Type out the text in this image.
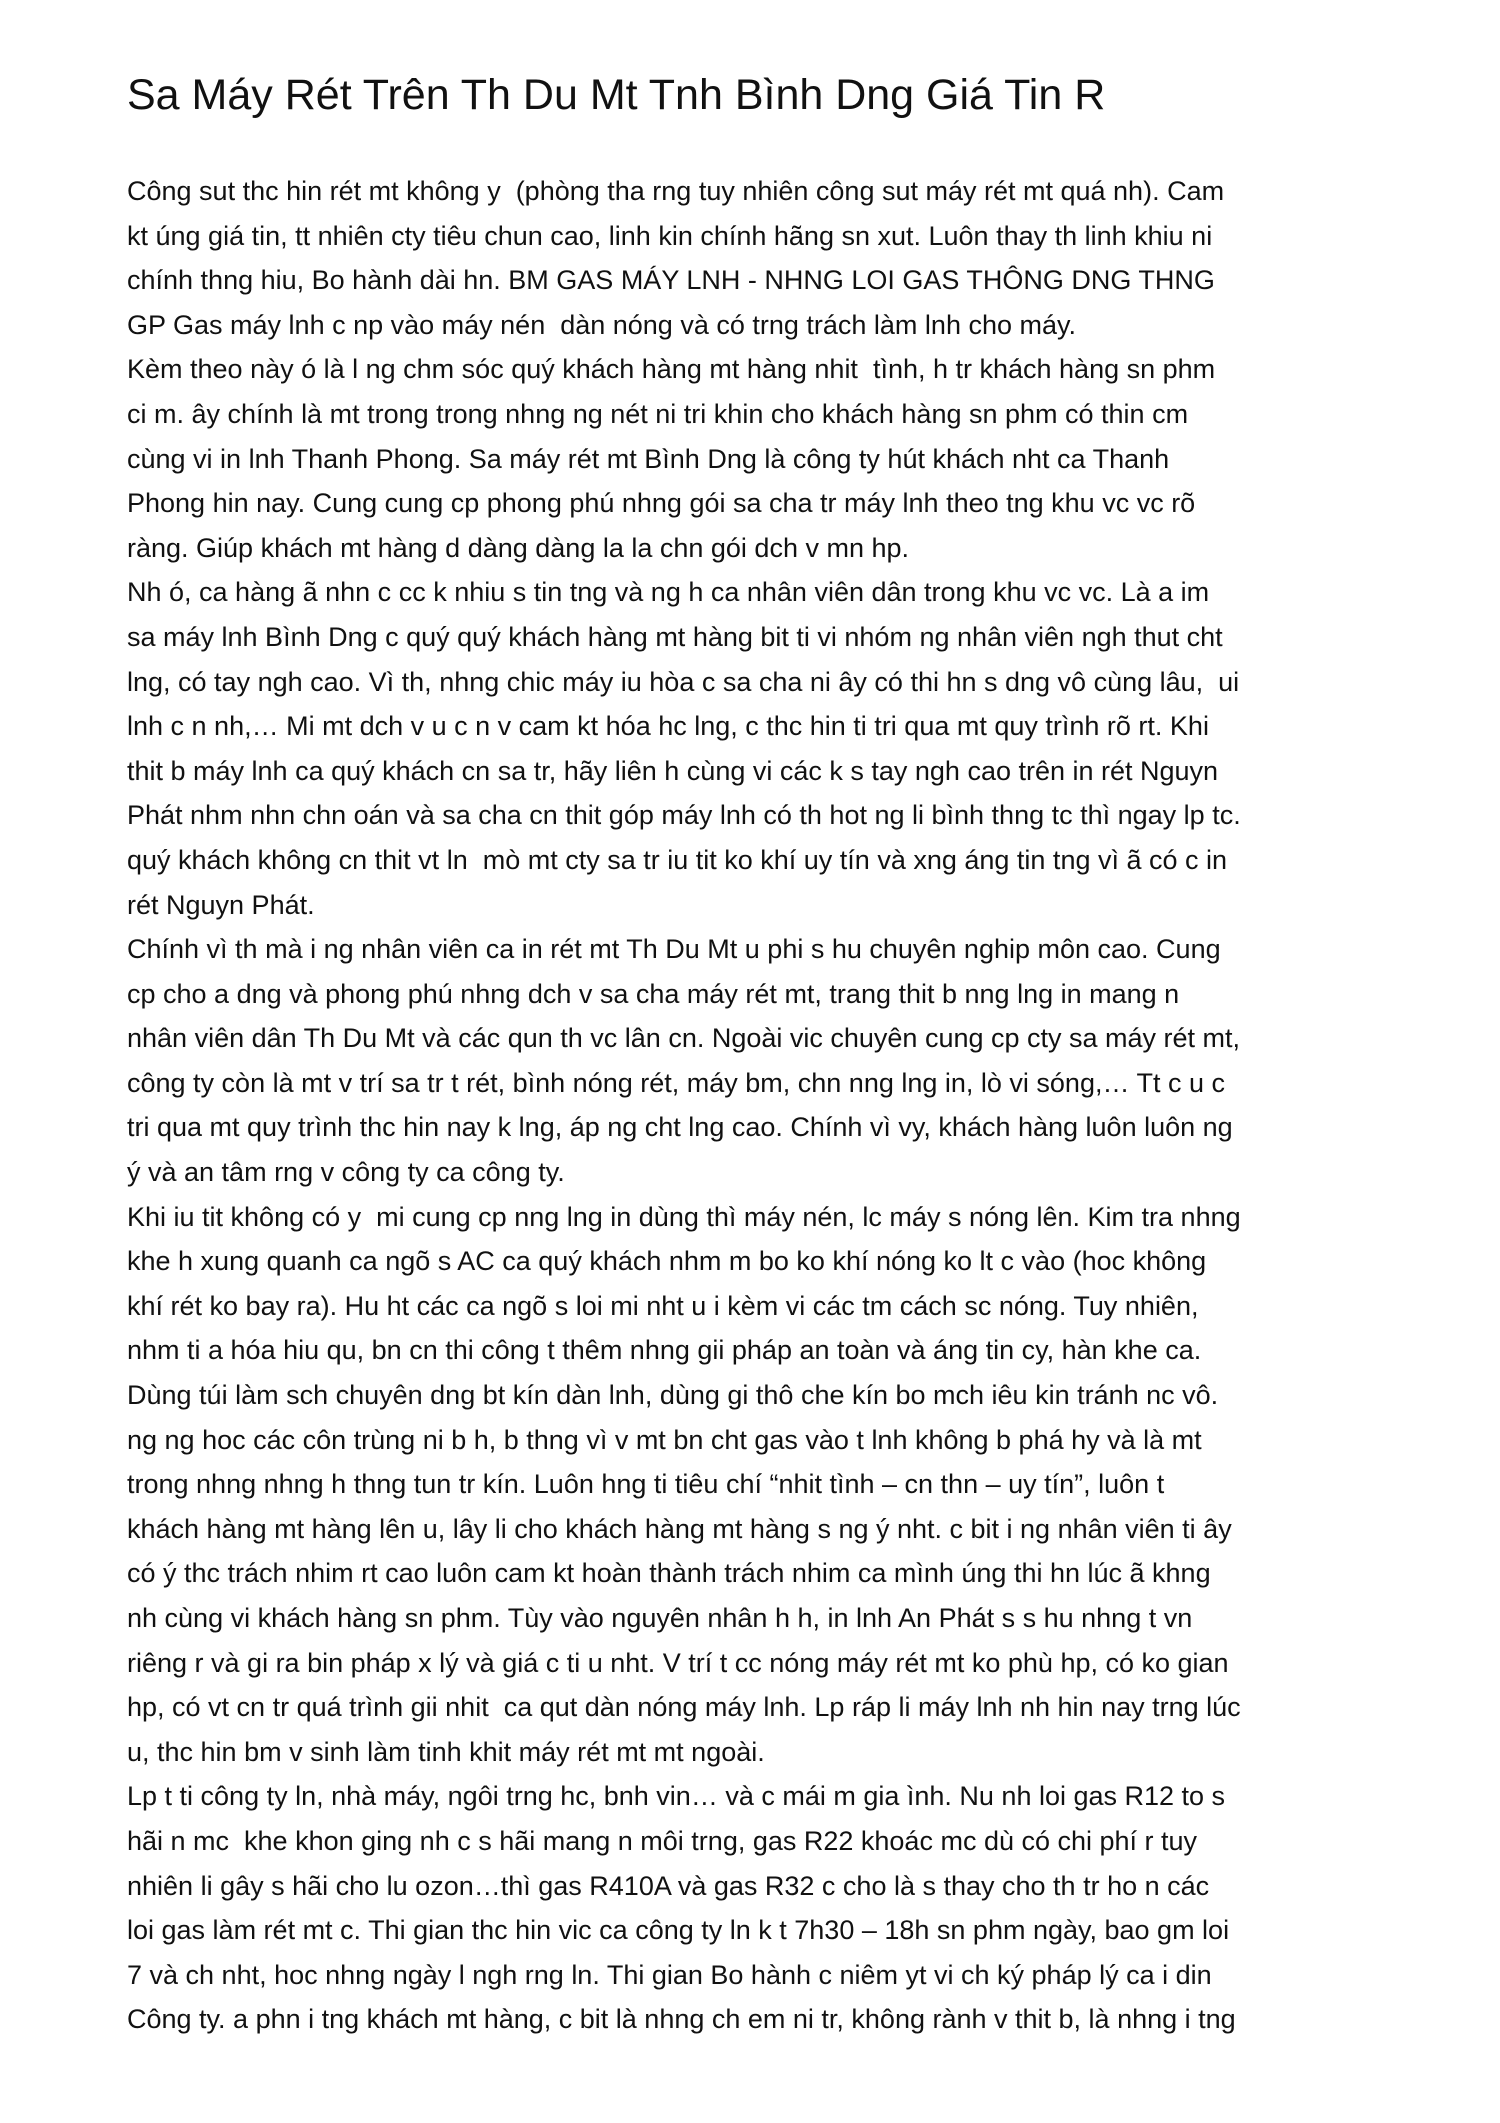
Sa Máy Rét Trên Th Du Mt Tnh Bình Dng Giá Tin R
Công sut thc hin rét mt không y  (phòng tha rng tuy nhiên công sut máy rét mt quá nh). Cam
kt úng giá tin, tt nhiên cty tiêu chun cao, linh kin chính hãng sn xut. Luôn thay th linh khiu ni
chính thng hiu, Bo hành dài hn. BM GAS MÁY LNH - NHNG LOI GAS THÔNG DNG THNG
GP Gas máy lnh c np vào máy nén  dàn nóng và có trng trách làm lnh cho máy.
Kèm theo này ó là l ng chm sóc quý khách hàng mt hàng nhit  tình, h tr khách hàng sn phm
ci m. ây chính là mt trong trong nhng ng nét ni tri khin cho khách hàng sn phm có thin cm
cùng vi in lnh Thanh Phong. Sa máy rét mt Bình Dng là công ty hút khách nht ca Thanh
Phong hin nay. Cung cung cp phong phú nhng gói sa cha tr máy lnh theo tng khu vc vc rõ
ràng. Giúp khách mt hàng d dàng dàng la la chn gói dch v mn hp.
Nh ó, ca hàng ã nhn c cc k nhiu s tin tng và ng h ca nhân viên dân trong khu vc vc. Là a im
sa máy lnh Bình Dng c quý quý khách hàng mt hàng bit ti vi nhóm ng nhân viên ngh thut cht
lng, có tay ngh cao. Vì th, nhng chic máy iu hòa c sa cha ni ây có thi hn s dng vô cùng lâu,  ui
lnh c n nh,… Mi mt dch v u c n v cam kt hóa hc lng, c thc hin ti tri qua mt quy trình rõ rt. Khi
thit b máy lnh ca quý khách cn sa tr, hãy liên h cùng vi các k s tay ngh cao trên in rét Nguyn
Phát nhm nhn chn oán và sa cha cn thit góp máy lnh có th hot ng li bình thng tc thì ngay lp tc.
quý khách không cn thit vt ln  mò mt cty sa tr iu tit ko khí uy tín và xng áng tin tng vì ã có c in
rét Nguyn Phát.
Chính vì th mà i ng nhân viên ca in rét mt Th Du Mt u phi s hu chuyên nghip môn cao. Cung
cp cho a dng và phong phú nhng dch v sa cha máy rét mt, trang thit b nng lng in mang n
nhân viên dân Th Du Mt và các qun th vc lân cn. Ngoài vic chuyên cung cp cty sa máy rét mt,
công ty còn là mt v trí sa tr t rét, bình nóng rét, máy bm, chn nng lng in, lò vi sóng,… Tt c u c
tri qua mt quy trình thc hin nay k lng, áp ng cht lng cao. Chính vì vy, khách hàng luôn luôn ng
ý và an tâm rng v công ty ca công ty.
Khi iu tit không có y  mi cung cp nng lng in dùng thì máy nén, lc máy s nóng lên. Kim tra nhng
khe h xung quanh ca ngõ s AC ca quý khách nhm m bo ko khí nóng ko lt c vào (hoc không
khí rét ko bay ra). Hu ht các ca ngõ s loi mi nht u i kèm vi các tm cách sc nóng. Tuy nhiên,
nhm ti a hóa hiu qu, bn cn thi công t thêm nhng gii pháp an toàn và áng tin cy, hàn khe ca.
Dùng túi làm sch chuyên dng bt kín dàn lnh, dùng gi thô che kín bo mch iêu kin tránh nc vô.
ng ng hoc các côn trùng ni b h, b thng vì v mt bn cht gas vào t lnh không b phá hy và là mt
trong nhng nhng h thng tun tr kín. Luôn hng ti tiêu chí “nhit tình – cn thn – uy tín”, luôn t
khách hàng mt hàng lên u, lây li cho khách hàng mt hàng s ng ý nht. c bit i ng nhân viên ti ây
có ý thc trách nhim rt cao luôn cam kt hoàn thành trách nhim ca mình úng thi hn lúc ã khng
nh cùng vi khách hàng sn phm. Tùy vào nguyên nhân h h, in lnh An Phát s s hu nhng t vn
riêng r và gi ra bin pháp x lý và giá c ti u nht. V trí t cc nóng máy rét mt ko phù hp, có ko gian
hp, có vt cn tr quá trình gii nhit  ca qut dàn nóng máy lnh. Lp ráp li máy lnh nh hin nay trng lúc
u, thc hin bm v sinh làm tinh khit máy rét mt mt ngoài.
Lp t ti công ty ln, nhà máy, ngôi trng hc, bnh vin… và c mái m gia ình. Nu nh loi gas R12 to s
hãi n mc  khe khon ging nh c s hãi mang n môi trng, gas R22 khoác mc dù có chi phí r tuy
nhiên li gây s hãi cho lu ozon…thì gas R410A và gas R32 c cho là s thay cho th tr ho n các
loi gas làm rét mt c. Thi gian thc hin vic ca công ty ln k t 7h30 – 18h sn phm ngày, bao gm loi
7 và ch nht, hoc nhng ngày l ngh rng ln. Thi gian Bo hành c niêm yt vi ch ký pháp lý ca i din
Công ty. a phn i tng khách mt hàng, c bit là nhng ch em ni tr, không rành v thit b, là nhng i tng
